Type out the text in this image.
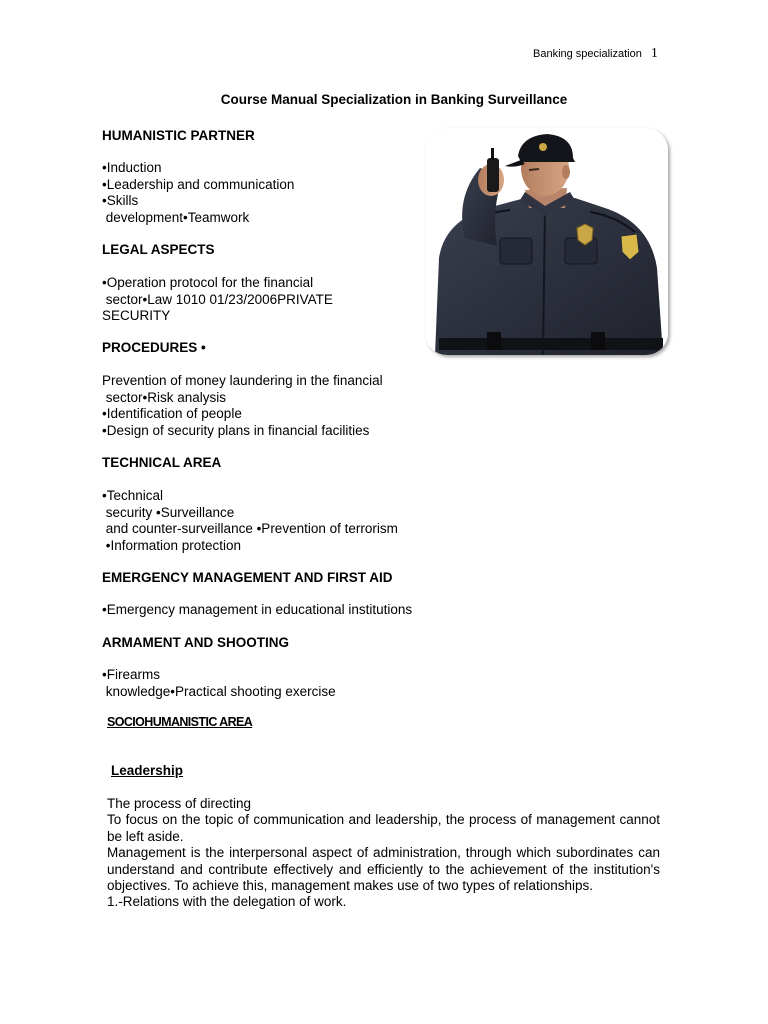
Banking specialization 1
Course Manual Specialization in Banking Surveillance
HUMANISTIC PARTNER
•Induction
•Leadership and communication
•Skills
development•Teamwork
LEGAL ASPECTS
•Operation protocol for the financial
sector•Law 1010 01/23/2006PRIVATE
SECURITY
PROCEDURES •
Prevention of money laundering in the financial
sector•Risk analysis
•Identification of people
•Design of security plans in financial facilities
TECHNICAL AREA
•Technical
security •Surveillance
and counter-surveillance •Prevention of terrorism
•Information protection
EMERGENCY MANAGEMENT AND FIRST AID
•Emergency management in educational institutions
ARMAMENT AND SHOOTING
•Firearms
knowledge•Practical shooting exercise
SOCIOHUMANISTIC AREA
Leadership
The process of directing
To focus on the topic of communication and leadership, the process of management cannot be left aside.
Management is the interpersonal aspect of administration, through which subordinates can understand and contribute effectively and efficiently to the achievement of the institution's objectives. To achieve this, management makes use of two types of relationships.
1.-Relations with the delegation of work.
